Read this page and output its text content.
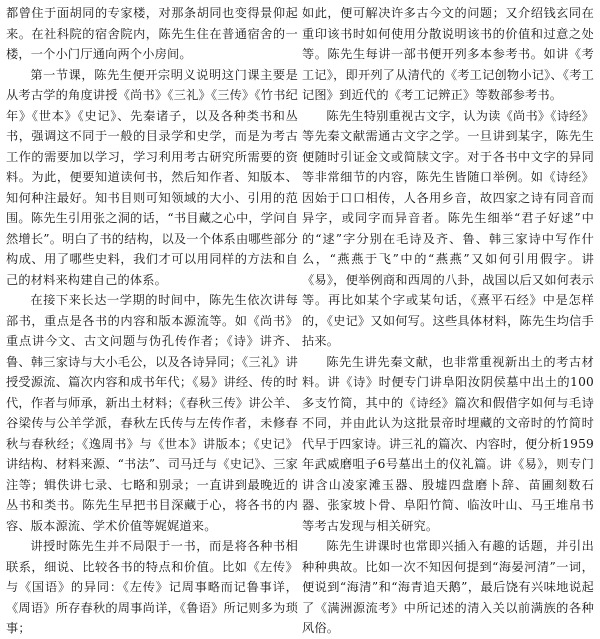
都曾住于面胡同的专家楼，对那条胡同也变得景仰起来。在社科院的宿舍院内，陈先生住在普通宿舍的一楼，一个小门厅通向两个小房间。

第一节课，陈先生便开宗明义说明这门课主要是从考古学的角度讲授《尚书》《三礼》《三传》《竹书纪年》《世本》《史记》、先秦诸子，以及各种类书和丛书，强调这不同于一般的目录学和史学，而是为考古工作的需要加以学习，学习利用考古研究所需要的资料。为此，便要知道读何书，然后知作者、知版本、知何种注最好。知书目则可知领域的大小、引用的范围。陈先生引用张之洞的话，“书目藏之心中，学问自然增长”。明白了书的结构，以及一个体系由哪些部分构成、用了哪些史料，我们才可以用同样的方法和自己的材料来构建自己的体系。

在接下来长达一学期的时间中，陈先生依次讲每部书，重点是各书的内容和版本源流等。如《尚书》重点讲今文、古文问题与伪孔传作者；《诗》讲齐、鲁、韩三家诗与大小毛公，以及各诗异同；《三礼》讲授受源流、篇次内容和成书年代；《易》讲经、传的时代，作者与师承，新出土材料；《春秋三传》讲公羊、谷梁传与公羊学派，春秋左氏传与左传作者，未修春秋与春秋经；《逸周书》与《世本》讲版本；《史记》讲结构、材料来源、“书法”、司马迁与《史记》、三家注等；辑佚讲七录、七略和别录；一直讲到最晚近的丛书和类书。陈先生早把书目深藏于心，将各书的内容、版本源流、学术价值等娓娓道来。

讲授时陈先生并不局限于一书，而是将各种书相联系，细说、比较各书的特点和价值。比如《左传》与《国语》的异同：《左传》记周事略而记鲁事详，《周语》所存春秋的周事尚详，《鲁语》所记则多为琐事；

如此，便可解决许多古今文的问题；又介绍钱玄同在重印该书时如何使用分散说明该书的价值和过意之处等。陈先生每讲一部书便开列多本参考书。如讲《考工记》，即开列了从清代的《考工记创物小记》、《考工记图》到近代的《考工记辨正》等数部参考书。

陈先生特别重视古文字，认为读《尚书》《诗经》等先秦文献需通古文字之学。一旦讲到某字，陈先生便随时引证金文或简牍文字。对于各书中文字的异同等非常细节的内容，陈先生皆随口举例。如《诗经》因始于口口相传，人各用乡音，故四家之诗有同音而异字，或同字而异音者。陈先生细举“君子好逑”中的“逑”字分别在毛诗及齐、鲁、韩三家诗中写作什么，“燕燕于飞”中的“燕燕”又如何引用假字。讲《易》，便举例商和西周的八卦，战国以后又如何表示等。再比如某个字或某句话，《熹平石经》中是怎样的，《史记》又如何写。这些具体材料，陈先生均信手拈来。

陈先生讲先秦文献，也非常重视新出土的考古材料。讲《诗》时便专门讲阜阳汝阴侯墓中出土的100多支竹简，其中的《诗经》篇次和假借字如何与毛诗不同，并由此认为这批景帝时埋藏的文帝时的竹简时代早于四家诗。讲三礼的篇次、内容时，便分析1959年武威磨咀子6号墓出土的仪礼篇。讲《易》，则专门讲含山凌家滩玉器、殷墟四盘磨卜辞、苗圃刻数石器、张家坡卜骨、阜阳竹简、临汝叶山、马王堆帛书等考古发现与相关研究。

陈先生讲课时也常即兴插入有趣的话题，并引出种种典故。比如一次不知因何提到“海晏河清”一词，便说到“海清”和“海青追天鹅”，最后饶有兴味地说起了《满洲源流考》中所记述的清入关以前满族的各种风俗。
